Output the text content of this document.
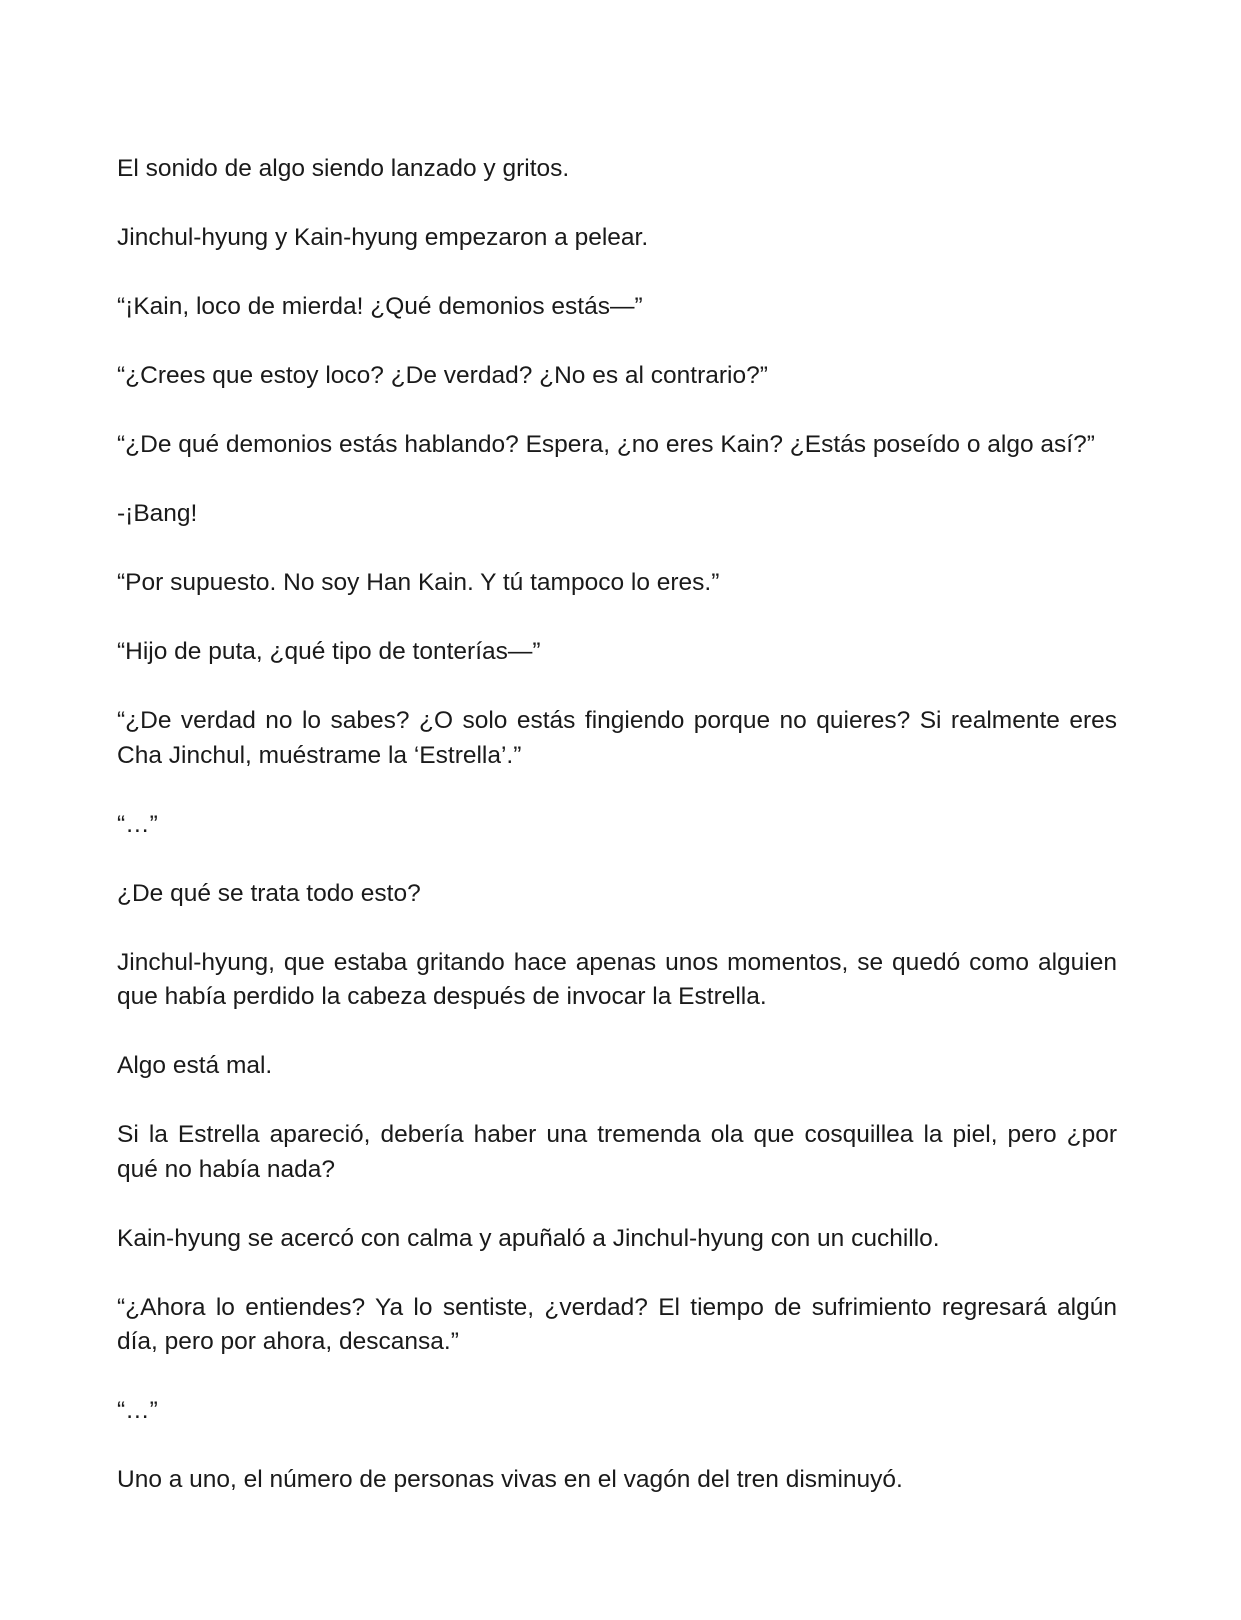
El sonido de algo siendo lanzado y gritos.

Jinchul-hyung y Kain-hyung empezaron a pelear.

“¡Kain, loco de mierda! ¿Qué demonios estás—”

“¿Crees que estoy loco? ¿De verdad? ¿No es al contrario?”

“¿De qué demonios estás hablando? Espera, ¿no eres Kain? ¿Estás poseído o algo así?”

-¡Bang!

“Por supuesto. No soy Han Kain. Y tú tampoco lo eres.”

“Hijo de puta, ¿qué tipo de tonterías—”

“¿De verdad no lo sabes? ¿O solo estás fingiendo porque no quieres? Si realmente eres Cha Jinchul, muéstrame la ‘Estrella’.”

“…”

¿De qué se trata todo esto?

Jinchul-hyung, que estaba gritando hace apenas unos momentos, se quedó como alguien que había perdido la cabeza después de invocar la Estrella.

Algo está mal.

Si la Estrella apareció, debería haber una tremenda ola que cosquillea la piel, pero ¿por qué no había nada?

Kain-hyung se acercó con calma y apuñaló a Jinchul-hyung con un cuchillo.

“¿Ahora lo entiendes? Ya lo sentiste, ¿verdad? El tiempo de sufrimiento regresará algún día, pero por ahora, descansa.”

“…”

Uno a uno, el número de personas vivas en el vagón del tren disminuyó.
